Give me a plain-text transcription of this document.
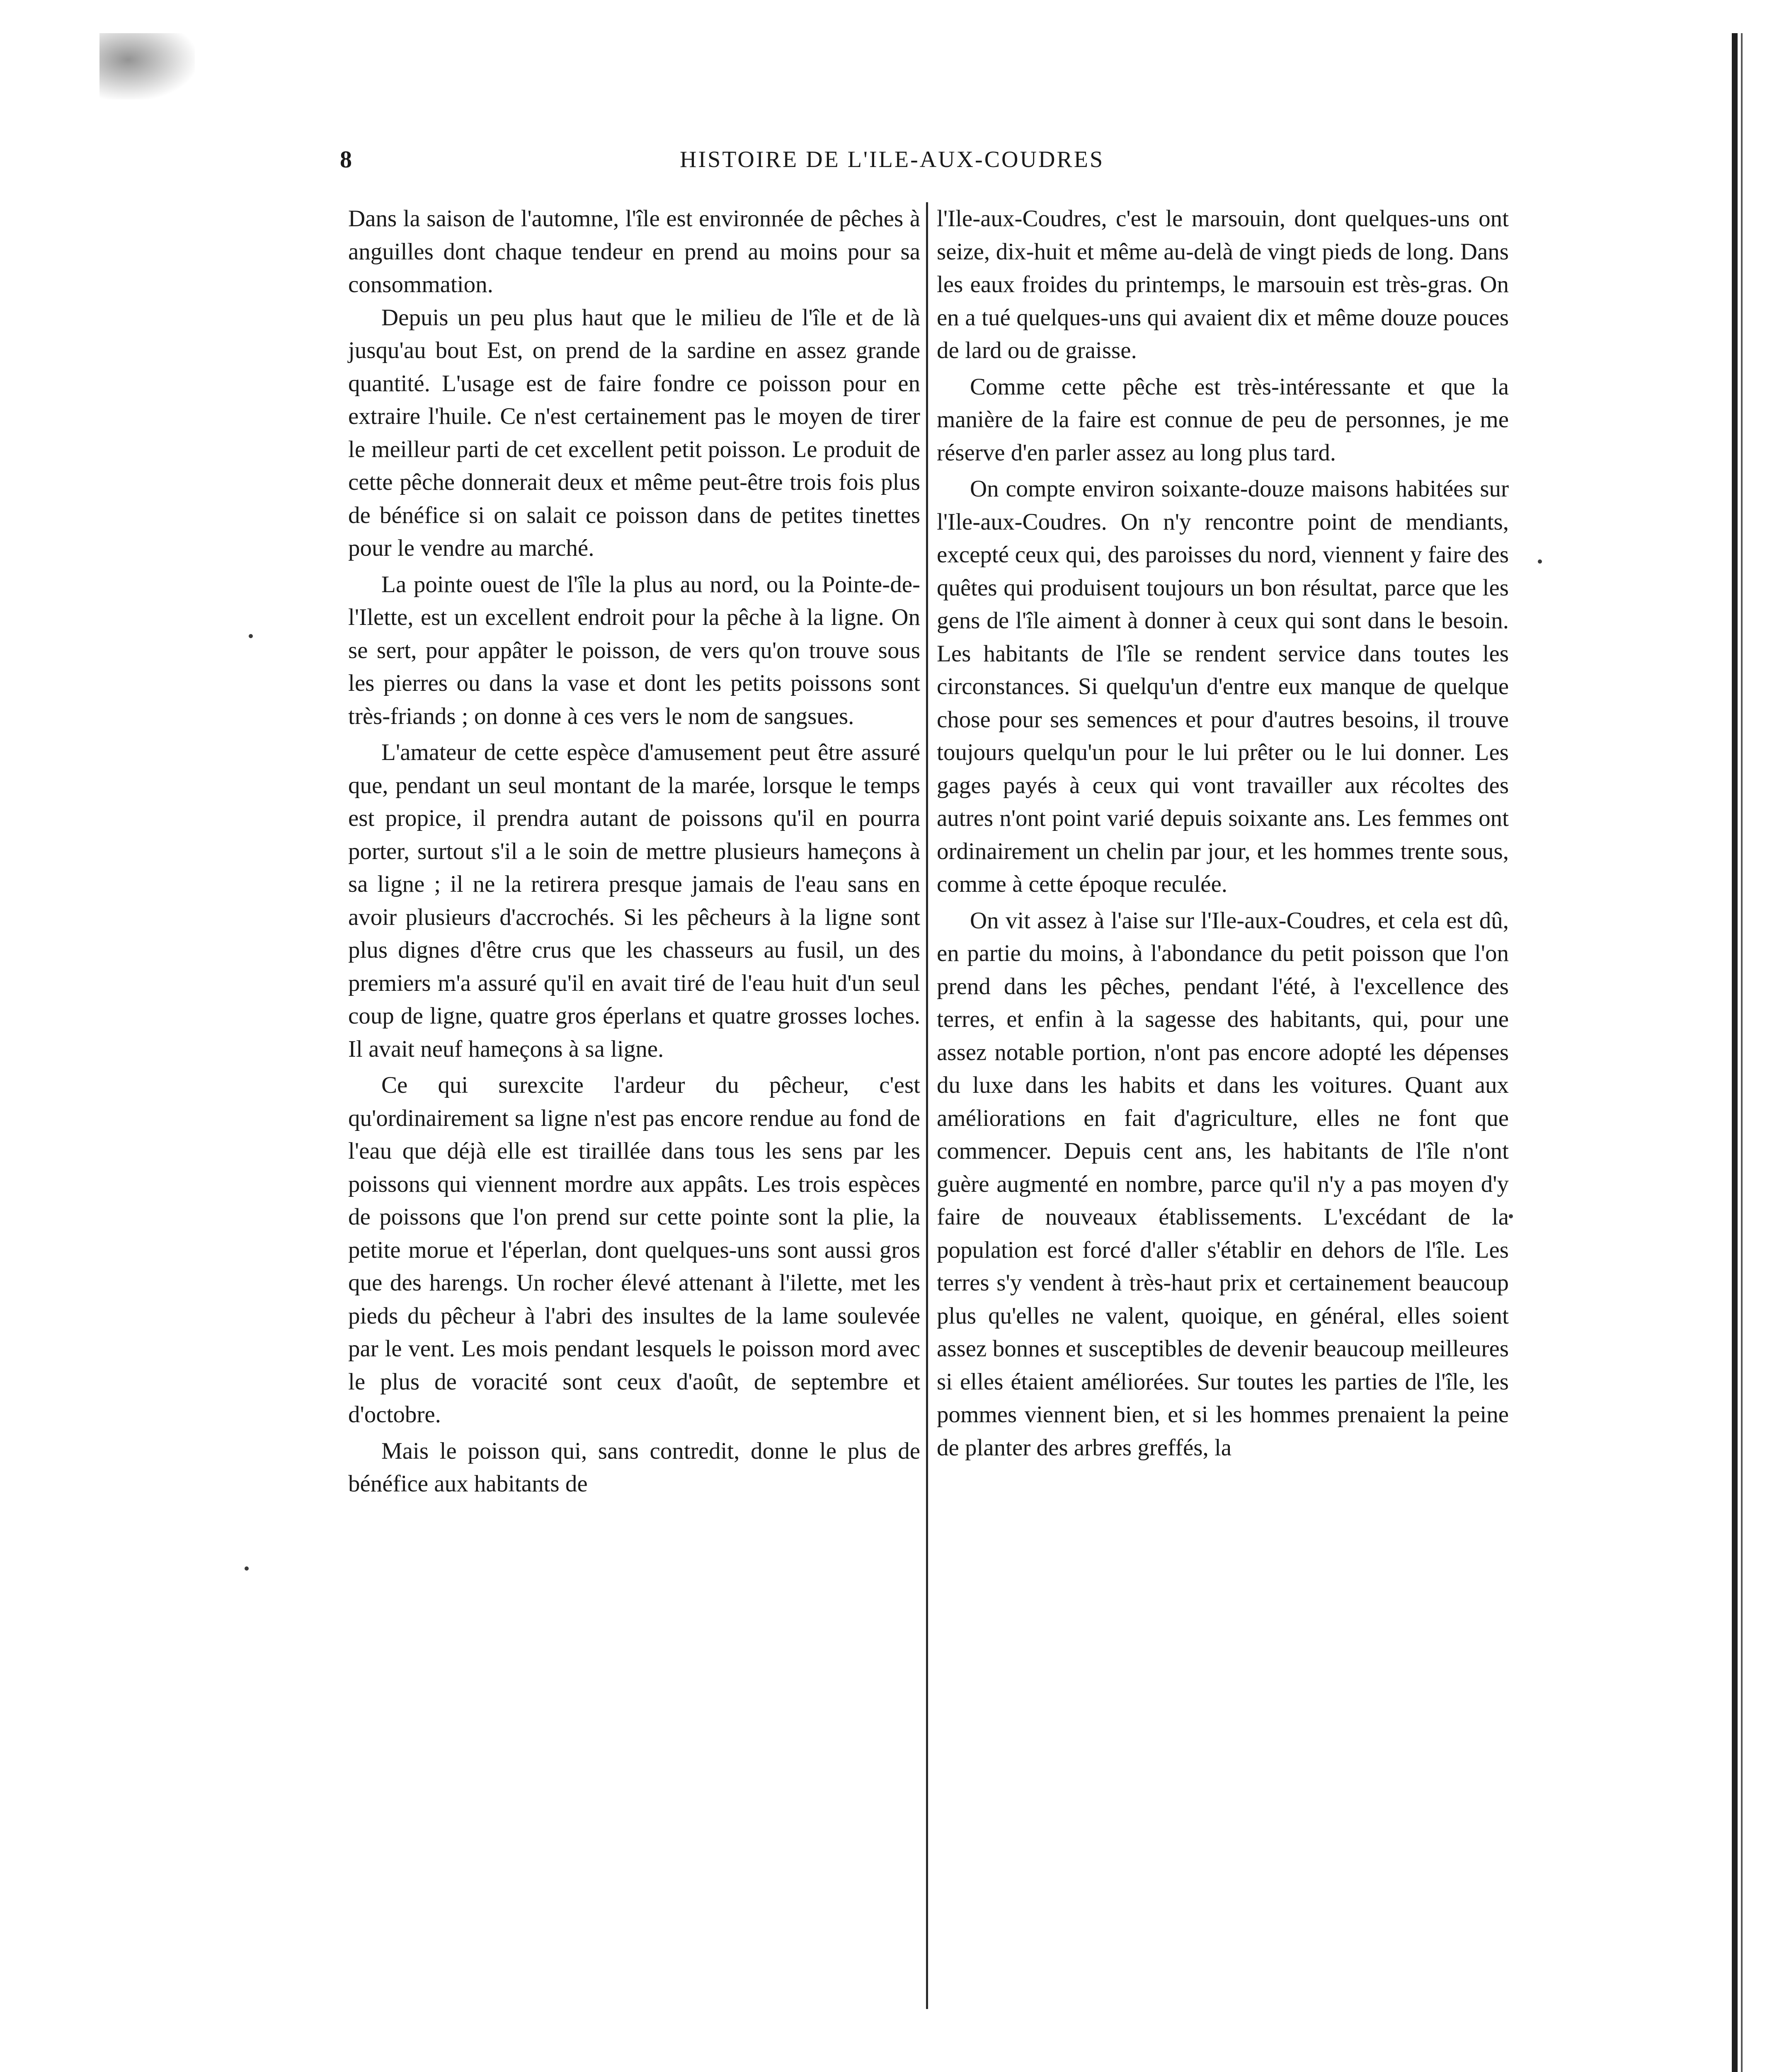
8	HISTOIRE DE L'ILE-AUX-COUDRES

Dans la saison de l'automne, l'île est environnée de pêches à anguilles dont chaque tendeur en prend au moins pour sa consommation.

Depuis un peu plus haut que le milieu de l'île et de là jusqu'au bout Est, on prend de la sardine en assez grande quantité. L'usage est de faire fondre ce poisson pour en extraire l'huile. Ce n'est certainement pas le moyen de tirer le meilleur parti de cet excellent petit poisson. Le produit de cette pêche donnerait deux et même peut-être trois fois plus de bénéfice si on salait ce poisson dans de petites tinettes pour le vendre au marché.

La pointe ouest de l'île la plus au nord, ou la Pointe-de-l'Ilette, est un excellent endroit pour la pêche à la ligne. On se sert, pour appâter le poisson, de vers qu'on trouve sous les pierres ou dans la vase et dont les petits poissons sont très-friands ; on donne à ces vers le nom de sangsues.

L'amateur de cette espèce d'amusement peut être assuré que, pendant un seul montant de la marée, lorsque le temps est propice, il prendra autant de poissons qu'il en pourra porter, surtout s'il a le soin de mettre plusieurs hameçons à sa ligne ; il ne la retirera presque jamais de l'eau sans en avoir plusieurs d'accrochés. Si les pêcheurs à la ligne sont plus dignes d'être crus que les chasseurs au fusil, un des premiers m'a assuré qu'il en avait tiré de l'eau huit d'un seul coup de ligne, quatre gros éperlans et quatre grosses loches. Il avait neuf hameçons à sa ligne.

Ce qui surexcite l'ardeur du pêcheur, c'est qu'ordinairement sa ligne n'est pas encore rendue au fond de l'eau que déjà elle est tiraillée dans tous les sens par les poissons qui viennent mordre aux appâts. Les trois espèces de poissons que l'on prend sur cette pointe sont la plie, la petite morue et l'éperlan, dont quelques-uns sont aussi gros que des harengs. Un rocher élevé attenant à l'ilette, met les pieds du pêcheur à l'abri des insultes de la lame soulevée par le vent. Les mois pendant lesquels le poisson mord avec le plus de voracité sont ceux d'août, de septembre et d'octobre.

Mais le poisson qui, sans contredit, donne le plus de bénéfice aux habitants de

l'Ile-aux-Coudres, c'est le marsouin, dont quelques-uns ont seize, dix-huit et même au-delà de vingt pieds de long. Dans les eaux froides du printemps, le marsouin est très-gras. On en a tué quelques-uns qui avaient dix et même douze pouces de lard ou de graisse.

Comme cette pêche est très-intéressante et que la manière de la faire est connue de peu de personnes, je me réserve d'en parler assez au long plus tard.

On compte environ soixante-douze maisons habitées sur l'Ile-aux-Coudres. On n'y rencontre point de mendiants, excepté ceux qui, des paroisses du nord, viennent y faire des quêtes qui produisent toujours un bon résultat, parce que les gens de l'île aiment à donner à ceux qui sont dans le besoin. Les habitants de l'île se rendent service dans toutes les circonstances. Si quelqu'un d'entre eux manque de quelque chose pour ses semences et pour d'autres besoins, il trouve toujours quelqu'un pour le lui prêter ou le lui donner. Les gages payés à ceux qui vont travailler aux récoltes des autres n'ont point varié depuis soixante ans. Les femmes ont ordinairement un chelin par jour, et les hommes trente sous, comme à cette époque reculée.

On vit assez à l'aise sur l'Ile-aux-Coudres, et cela est dû, en partie du moins, à l'abondance du petit poisson que l'on prend dans les pêches, pendant l'été, à l'excellence des terres, et enfin à la sagesse des habitants, qui, pour une assez notable portion, n'ont pas encore adopté les dépenses du luxe dans les habits et dans les voitures. Quant aux améliorations en fait d'agriculture, elles ne font que commencer. Depuis cent ans, les habitants de l'île n'ont guère augmenté en nombre, parce qu'il n'y a pas moyen d'y faire de nouveaux établissements. L'excédant de la population est forcé d'aller s'établir en dehors de l'île. Les terres s'y vendent à très-haut prix et certainement beaucoup plus qu'elles ne valent, quoique, en général, elles soient assez bonnes et susceptibles de devenir beaucoup meilleures si elles étaient améliorées. Sur toutes les parties de l'île, les pommes viennent bien, et si les hommes prenaient la peine de planter des arbres greffés, la
